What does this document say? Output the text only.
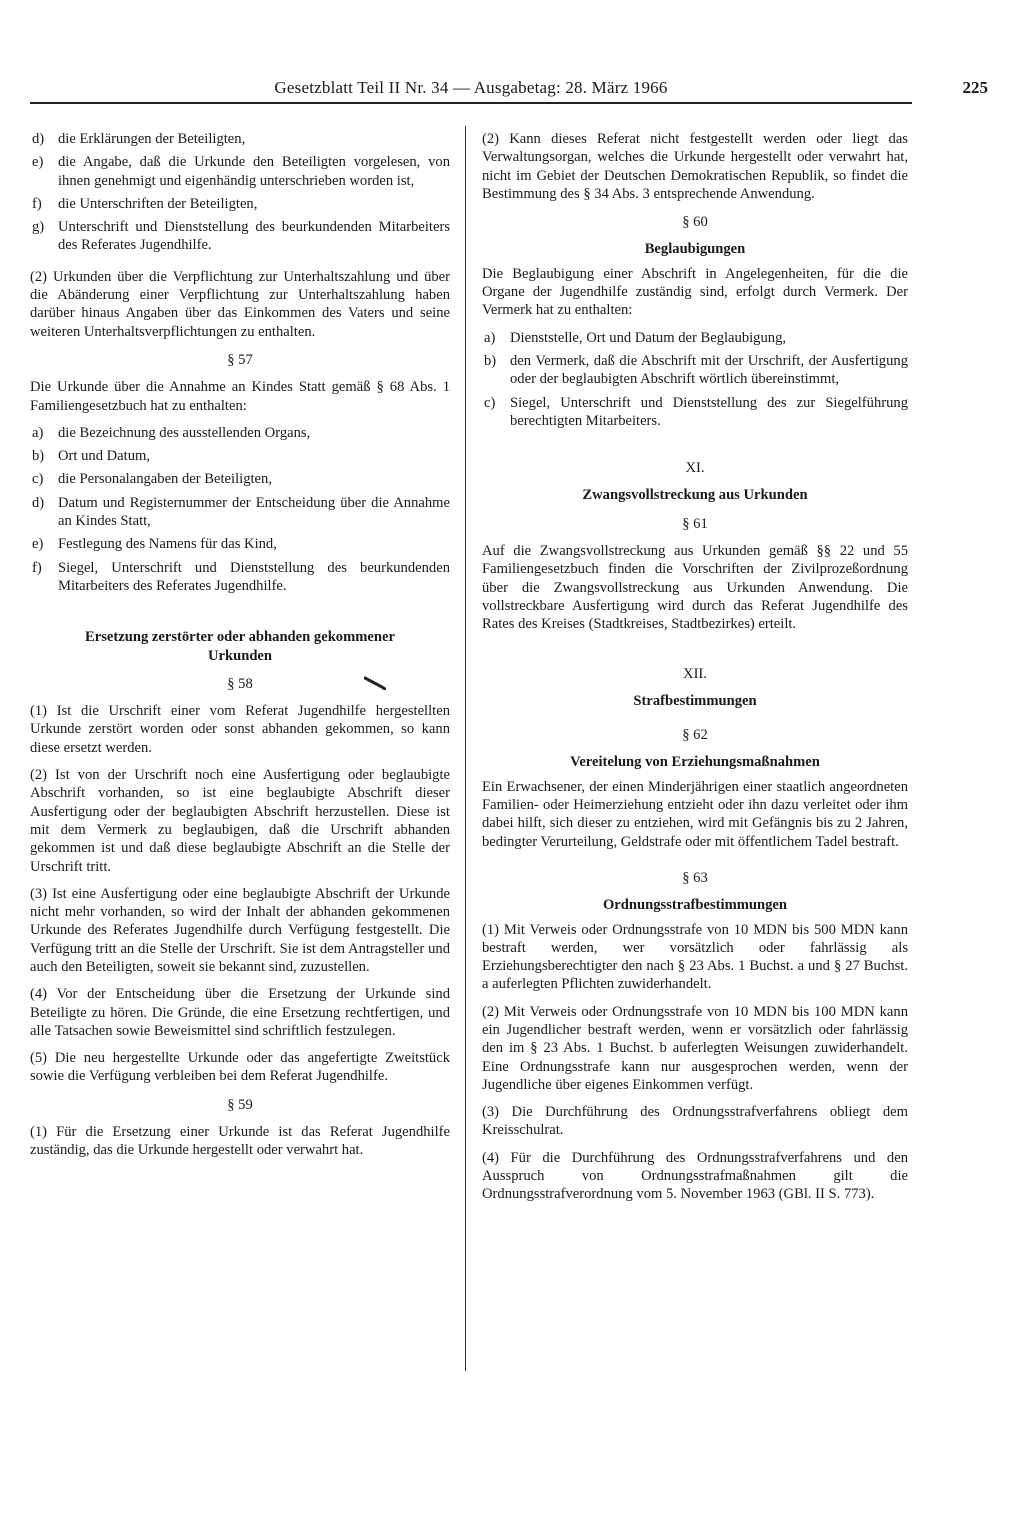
Gesetzblatt Teil II Nr. 34 — Ausgabetag: 28. März 1966	225
d) die Erklärungen der Beteiligten,
e)	die Angabe, daß die Urkunde den Beteiligten vorgelesen, von ihnen genehmigt und eigenhändig unterschrieben worden ist,
f)	die Unterschriften der Beteiligten,
g) Unterschrift und Dienststellung des beurkundenden Mitarbeiters des Referates Jugendhilfe.

(2) Urkunden über die Verpflichtung zur Unterhaltszahlung und über die Abänderung einer Verpflichtung zur Unterhaltszahlung haben darüber hinaus Angaben über das Einkommen des Vaters und seine weiteren Unterhaltsverpflichtungen zu enthalten.

§ 57

Die Urkunde über die Annahme an Kindes Statt gemäß § 68 Abs. 1 Familiengesetzbuch hat zu enthalten:

a)	die Bezeichnung des ausstellenden Organs,
b) Ort und Datum,
c)	die Personalangaben der Beteiligten,
d) Datum und Registernummer der Entscheidung über die Annahme an Kindes Statt,
e)	Festlegung des Namens für das Kind,
f)	Siegel, Unterschrift und Dienststellung des beurkundenden Mitarbeiters des Referates Jugendhilfe.
Ersetzung zerstörter oder abhanden gekommener Urkunden
§ 58

(1) Ist die Urschrift einer vom Referat Jugendhilfe hergestellten Urkunde zerstört worden oder sonst abhanden gekommen, so kann diese ersetzt werden.

(2) Ist von der Urschrift noch eine Ausfertigung oder beglaubigte Abschrift vorhanden, so ist eine beglaubigte Abschrift dieser Ausfertigung oder der beglaubigten Abschrift herzustellen. Diese ist mit dem Vermerk zu beglaubigen, daß die Urschrift abhanden gekommen ist und daß diese beglaubigte Abschrift an die Stelle der Urschrift tritt.

(3) Ist eine Ausfertigung oder eine beglaubigte Abschrift der Urkunde nicht mehr vorhanden, so wird der Inhalt der abhanden gekommenen Urkunde des Referates Jugendhilfe durch Verfügung festgestellt. Die Verfügung tritt an die Stelle der Urschrift. Sie ist dem Antragsteller und auch den Beteiligten, soweit sie bekannt sind, zuzustellen.

(4) Vor der Entscheidung über die Ersetzung der Urkunde sind Beteiligte zu hören. Die Gründe, die eine Ersetzung rechtfertigen, und alle Tatsachen sowie Beweismittel sind schriftlich festzulegen.

(5) Die neu hergestellte Urkunde oder das angefertigte Zweitstück sowie die Verfügung verbleiben bei dem Referat Jugendhilfe.

§ 59

(1) Für die Ersetzung einer Urkunde ist das Referat Jugendhilfe zuständig, das die Urkunde hergestellt oder verwahrt hat.

(2) Kann dieses Referat nicht festgestellt werden oder liegt das Verwaltungsorgan, welches die Urkunde hergestellt oder verwahrt hat, nicht im Gebiet der Deutschen Demokratischen Republik, so findet die Bestimmung des § 34 Abs. 3 entsprechende Anwendung.

§ 60
Beglaubigungen

Die Beglaubigung einer Abschrift in Angelegenheiten, für die die Organe der Jugendhilfe zuständig sind, erfolgt durch Vermerk. Der Vermerk hat zu enthalten:

a)	Dienststelle, Ort und Datum der Beglaubigung,
b) den Vermerk, daß die Abschrift mit der Urschrift, der Ausfertigung oder der beglaubigten Abschrift wörtlich übereinstimmt,
c)	Siegel, Unterschrift und Dienststellung des zur Siegelführung berechtigten Mitarbeiters.
XI.
Zwangsvollstreckung aus Urkunden
§ 61

Auf die Zwangsvollstreckung aus Urkunden gemäß §§ 22 und 55 Familiengesetzbuch finden die Vorschriften der Zivilprozeßordnung über die Zwangsvollstreckung aus Urkunden Anwendung. Die vollstreckbare Ausfertigung wird durch das Referat Jugendhilfe des Rates des Kreises (Stadtkreises, Stadtbezirkes) erteilt.

XII.
Strafbestimmungen
§ 62
Vereitelung von Erziehungsmaßnahmen

Ein Erwachsener, der einen Minderjährigen einer staatlich angeordneten Familien- oder Heimerziehung entzieht oder ihn dazu verleitet oder ihm dabei hilft, sich dieser zu entziehen, wird mit Gefängnis bis zu 2 Jahren, bedingter Verurteilung, Geldstrafe oder mit öffentlichem Tadel bestraft.

§ 63
Ordnungsstrafbestimmungen

(1) Mit Verweis oder Ordnungsstrafe von 10 MDN bis 500 MDN kann bestraft werden, wer vorsätzlich oder fahrlässig als Erziehungsberechtigter den nach § 23 Abs. 1 Buchst. a und § 27 Buchst. a auferlegten Pflichten zuwiderhandelt.

(2) Mit Verweis oder Ordnungsstrafe von 10 MDN bis 100 MDN kann ein Jugendlicher bestraft werden, wenn er vorsätzlich oder fahrlässig den im § 23 Abs. 1 Buchst. b auferlegten Weisungen zuwiderhandelt. Eine Ordnungsstrafe kann nur ausgesprochen werden, wenn der Jugendliche über eigenes Einkommen verfügt.

(3) Die Durchführung des Ordnungsstrafverfahrens obliegt dem Kreisschulrat.

(4) Für die Durchführung des Ordnungsstrafverfahrens und den Ausspruch von Ordnungsstrafmaßnahmen gilt die Ordnungsstrafverordnung vom 5. November 1963 (GBl. II S. 773).
